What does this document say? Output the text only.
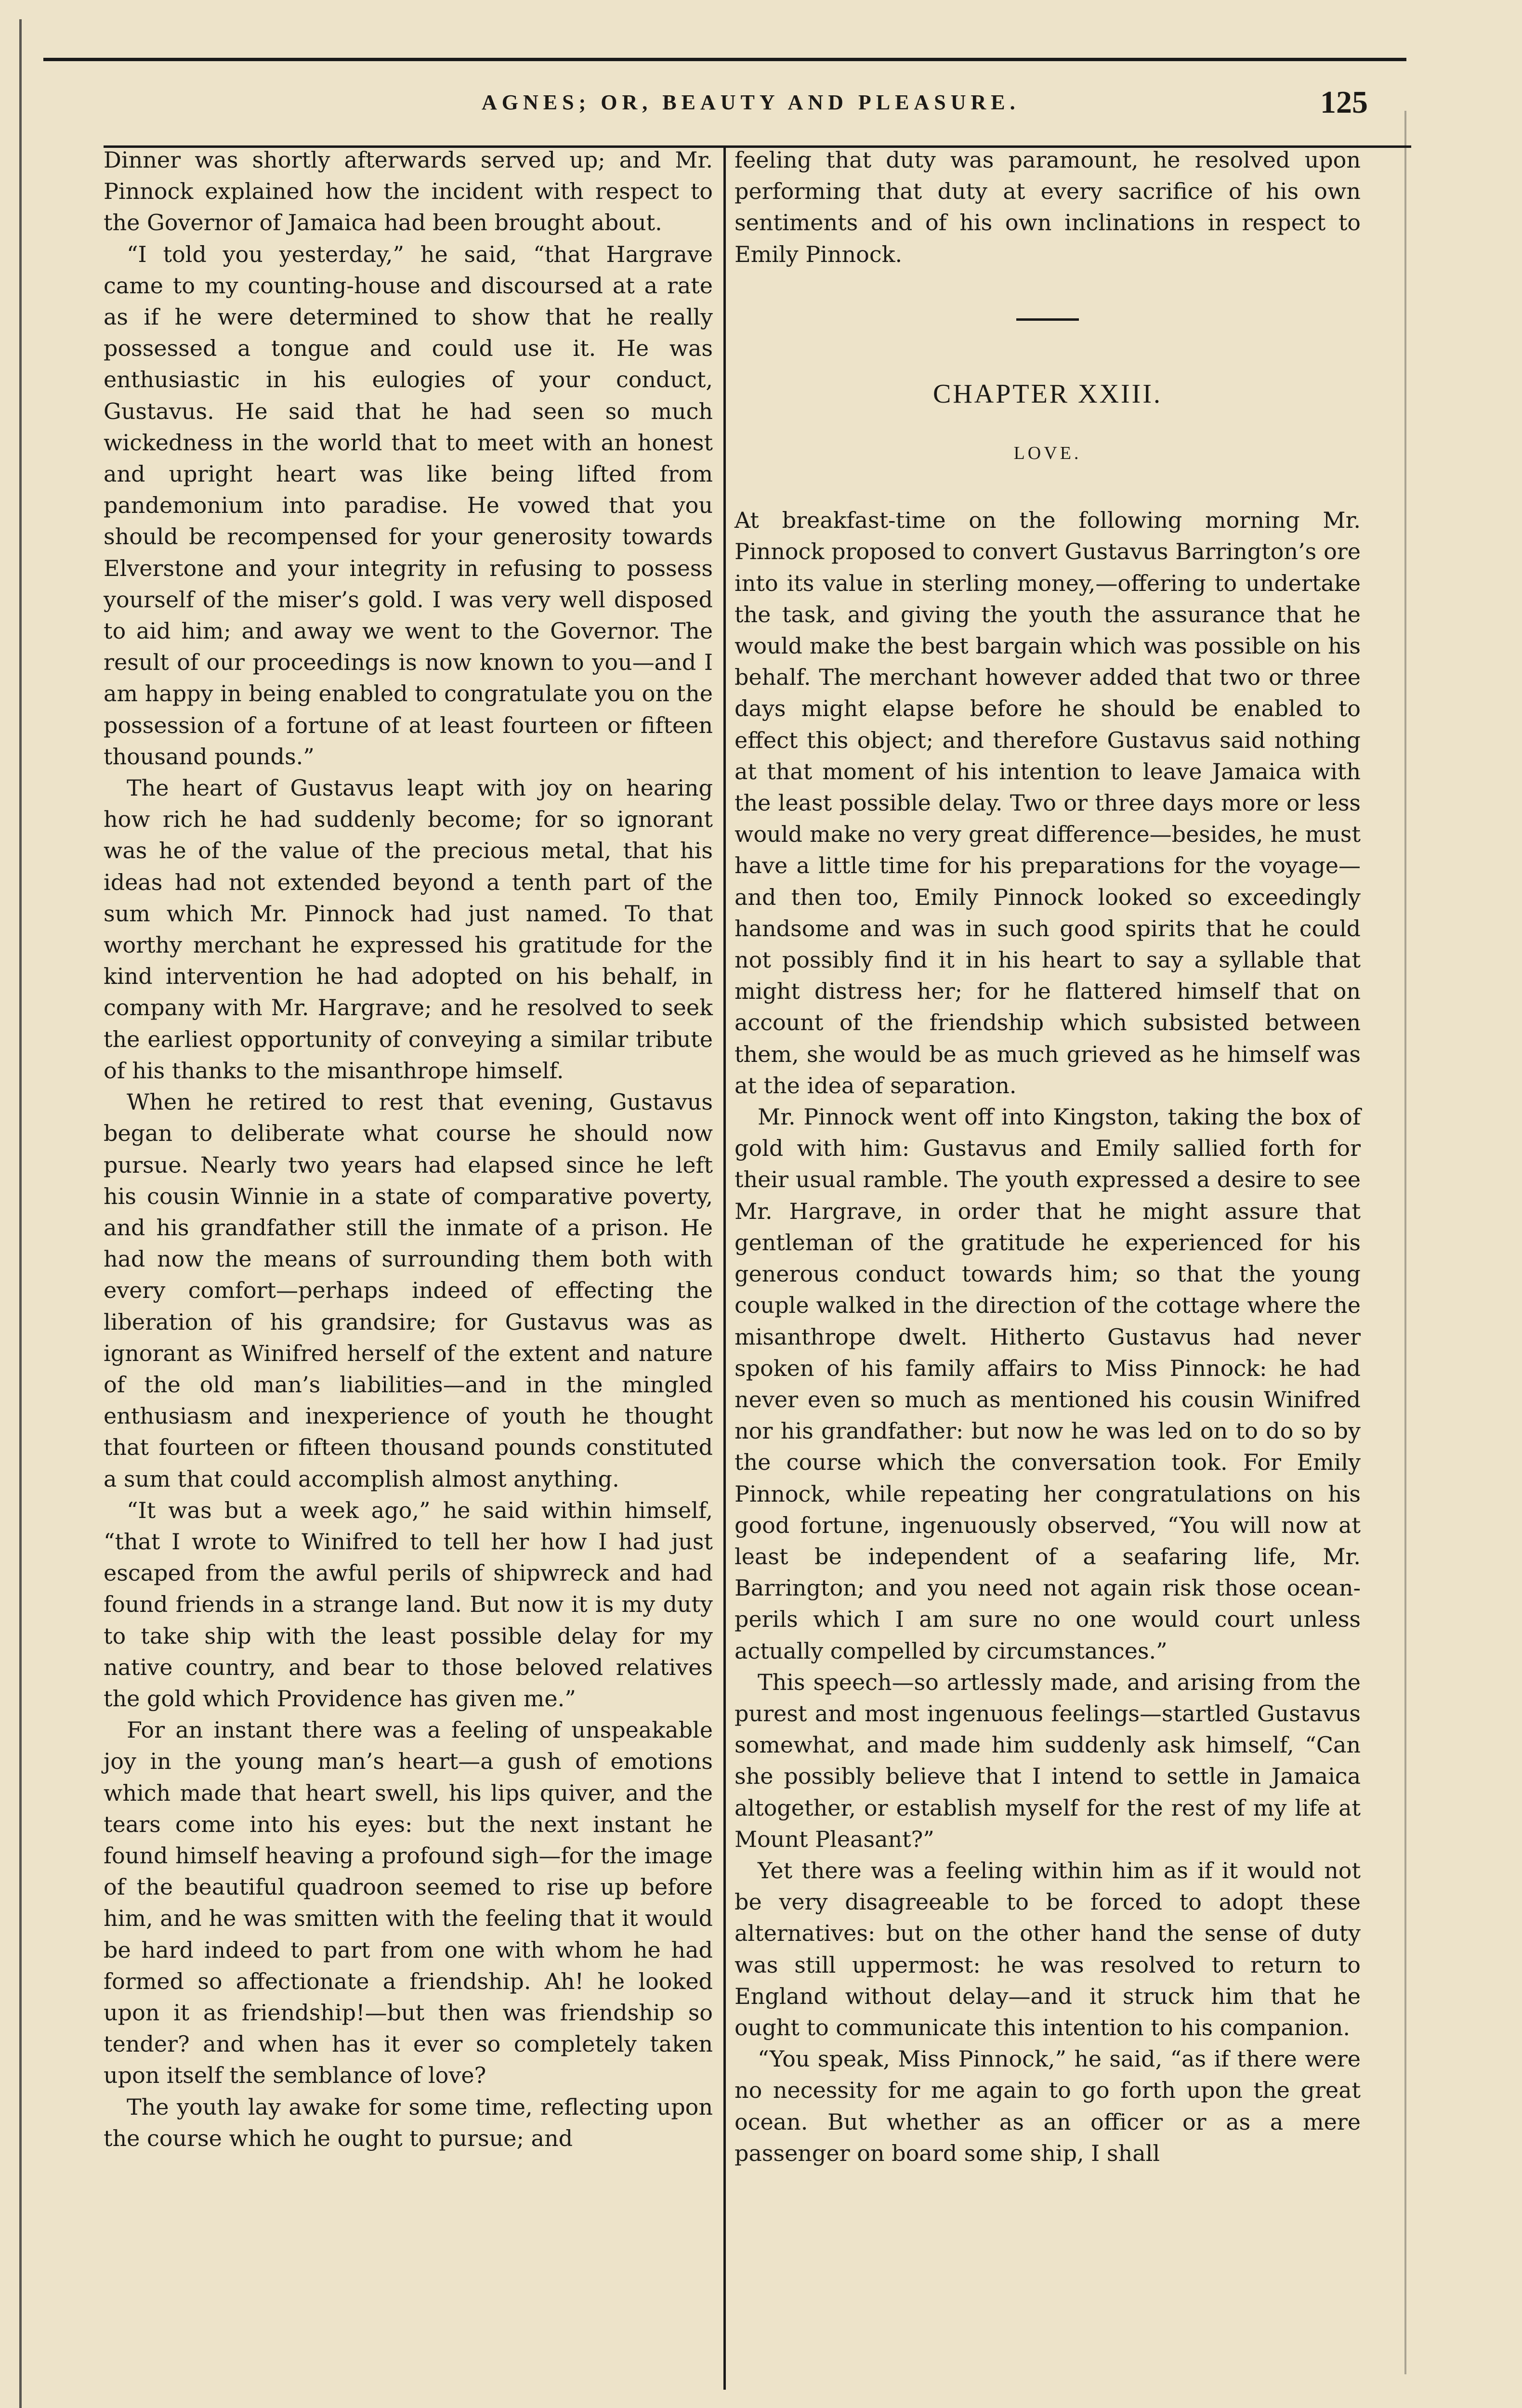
AGNES; OR, BEAUTY AND PLEASURE.	125

Dinner was shortly afterwards served up; and Mr. Pinnock explained how the incident with respect to the Governor of Jamaica had been brought about.

“I told you yesterday,” he said, “that Hargrave came to my counting-house and discoursed at a rate as if he were determined to show that he really possessed a tongue and could use it. He was enthusiastic in his eulogies of your conduct, Gustavus. He said that he had seen so much wickedness in the world that to meet with an honest and upright heart was like being lifted from pandemonium into paradise. He vowed that you should be recompensed for your generosity towards Elverstone and your integrity in refusing to possess yourself of the miser’s gold. I was very well disposed to aid him; and away we went to the Governor. The result of our proceedings is now known to you—and I am happy in being enabled to congratulate you on the possession of a fortune of at least fourteen or fifteen thousand pounds.”

The heart of Gustavus leapt with joy on hearing how rich he had suddenly become; for so ignorant was he of the value of the precious metal, that his ideas had not extended beyond a tenth part of the sum which Mr. Pinnock had just named. To that worthy merchant he expressed his gratitude for the kind intervention he had adopted on his behalf, in company with Mr. Hargrave; and he resolved to seek the earliest opportunity of conveying a similar tribute of his thanks to the misanthrope himself.

When he retired to rest that evening, Gustavus began to deliberate what course he should now pursue. Nearly two years had elapsed since he left his cousin Winnie in a state of comparative poverty, and his grandfather still the inmate of a prison. He had now the means of surrounding them both with every comfort—perhaps indeed of effecting the liberation of his grandsire; for Gustavus was as ignorant as Winifred herself of the extent and nature of the old man’s liabilities—and in the mingled enthusiasm and inexperience of youth he thought that fourteen or fifteen thousand pounds constituted a sum that could accomplish almost anything.

“It was but a week ago,” he said within himself, “that I wrote to Winifred to tell her how I had just escaped from the awful perils of shipwreck and had found friends in a strange land. But now it is my duty to take ship with the least possible delay for my native country, and bear to those beloved relatives the gold which Providence has given me.”

For an instant there was a feeling of unspeakable joy in the young man’s heart—a gush of emotions which made that heart swell, his lips quiver, and the tears come into his eyes: but the next instant he found himself heaving a profound sigh—for the image of the beautiful quadroon seemed to rise up before him, and he was smitten with the feeling that it would be hard indeed to part from one with whom he had formed so affectionate a friendship. Ah! he looked upon it as friendship!—but then was friendship so tender? and when has it ever so completely taken upon itself the semblance of love?

The youth lay awake for some time, reflecting upon the course which he ought to pursue; and

feeling that duty was paramount, he resolved upon performing that duty at every sacrifice of his own sentiments and of his own inclinations in respect to Emily Pinnock.

CHAPTER XXIII.
LOVE.

At breakfast-time on the following morning Mr. Pinnock proposed to convert Gustavus Barrington’s ore into its value in sterling money,—offering to undertake the task, and giving the youth the assurance that he would make the best bargain which was possible on his behalf. The merchant however added that two or three days might elapse before he should be enabled to effect this object; and therefore Gustavus said nothing at that moment of his intention to leave Jamaica with the least possible delay. Two or three days more or less would make no very great difference—besides, he must have a little time for his preparations for the voyage—and then too, Emily Pinnock looked so exceedingly handsome and was in such good spirits that he could not possibly find it in his heart to say a syllable that might distress her; for he flattered himself that on account of the friendship which subsisted between them, she would be as much grieved as he himself was at the idea of separation.

Mr. Pinnock went off into Kingston, taking the box of gold with him: Gustavus and Emily sallied forth for their usual ramble. The youth expressed a desire to see Mr. Hargrave, in order that he might assure that gentleman of the gratitude he experienced for his generous conduct towards him; so that the young couple walked in the direction of the cottage where the misanthrope dwelt. Hitherto Gustavus had never spoken of his family affairs to Miss Pinnock: he had never even so much as mentioned his cousin Winifred nor his grandfather: but now he was led on to do so by the course which the conversation took. For Emily Pinnock, while repeating her congratulations on his good fortune, ingenuously observed, “You will now at least be independent of a seafaring life, Mr. Barrington; and you need not again risk those ocean-perils which I am sure no one would court unless actually compelled by circumstances.”

This speech—so artlessly made, and arising from the purest and most ingenuous feelings—startled Gustavus somewhat, and made him suddenly ask himself, “Can she possibly believe that I intend to settle in Jamaica altogether, or establish myself for the rest of my life at Mount Pleasant?”

Yet there was a feeling within him as if it would not be very disagreeable to be forced to adopt these alternatives: but on the other hand the sense of duty was still uppermost: he was resolved to return to England without delay—and it struck him that he ought to communicate this intention to his companion.

“You speak, Miss Pinnock,” he said, “as if there were no necessity for me again to go forth upon the great ocean. But whether as an officer or as a mere passenger on board some ship, I shall
